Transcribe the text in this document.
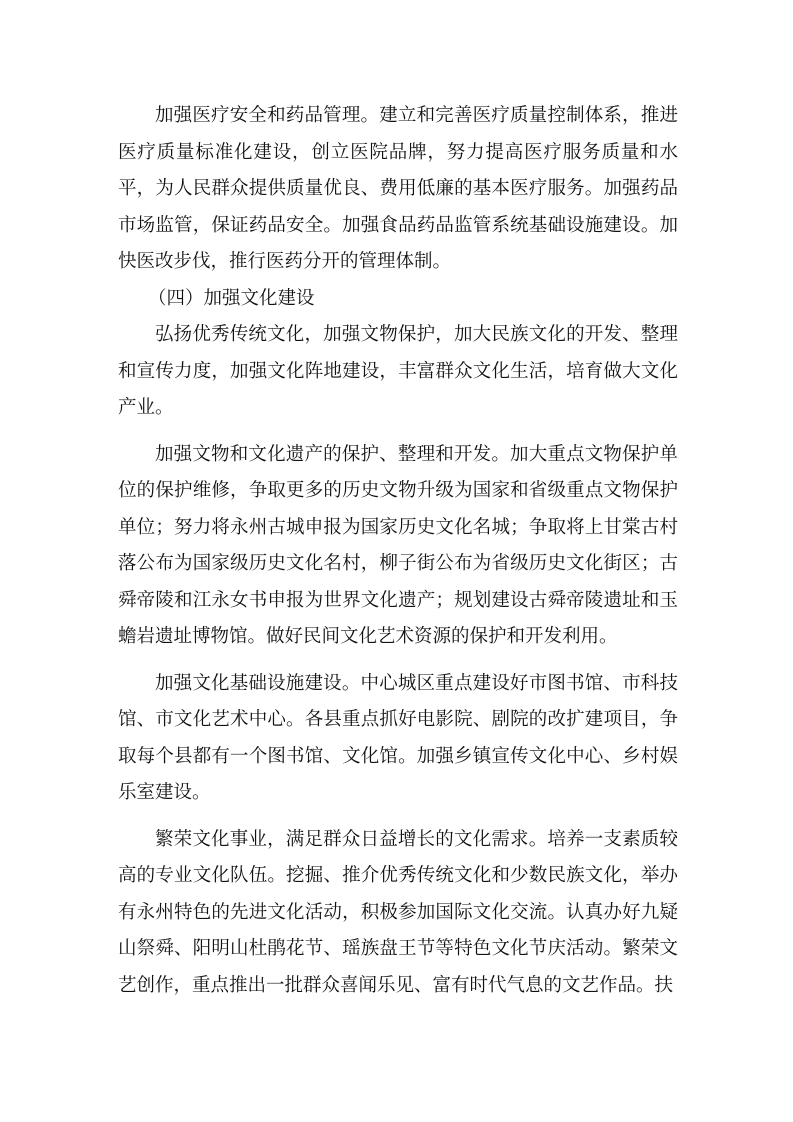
加强医疗安全和药品管理。建立和完善医疗质量控制体系，推进医疗质量标准化建设，创立医院品牌，努力提高医疗服务质量和水平，为人民群众提供质量优良、费用低廉的基本医疗服务。加强药品市场监管，保证药品安全。加强食品药品监管系统基础设施建设。加快医改步伐，推行医药分开的管理体制。

（四）加强文化建设

弘扬优秀传统文化，加强文物保护，加大民族文化的开发、整理和宣传力度，加强文化阵地建设，丰富群众文化生活，培育做大文化产业。

加强文物和文化遗产的保护、整理和开发。加大重点文物保护单位的保护维修，争取更多的历史文物升级为国家和省级重点文物保护单位；努力将永州古城申报为国家历史文化名城；争取将上甘棠古村落公布为国家级历史文化名村，柳子街公布为省级历史文化街区；古舜帝陵和江永女书申报为世界文化遗产；规划建设古舜帝陵遗址和玉蟾岩遗址博物馆。做好民间文化艺术资源的保护和开发利用。

加强文化基础设施建设。中心城区重点建设好市图书馆、市科技馆、市文化艺术中心。各县重点抓好电影院、剧院的改扩建项目，争取每个县都有一个图书馆、文化馆。加强乡镇宣传文化中心、乡村娱乐室建设。

繁荣文化事业，满足群众日益增长的文化需求。培养一支素质较高的专业文化队伍。挖掘、推介优秀传统文化和少数民族文化，举办有永州特色的先进文化活动，积极参加国际文化交流。认真办好九疑山祭舜、阳明山杜鹃花节、瑶族盘王节等特色文化节庆活动。繁荣文艺创作，重点推出一批群众喜闻乐见、富有时代气息的文艺作品。扶
